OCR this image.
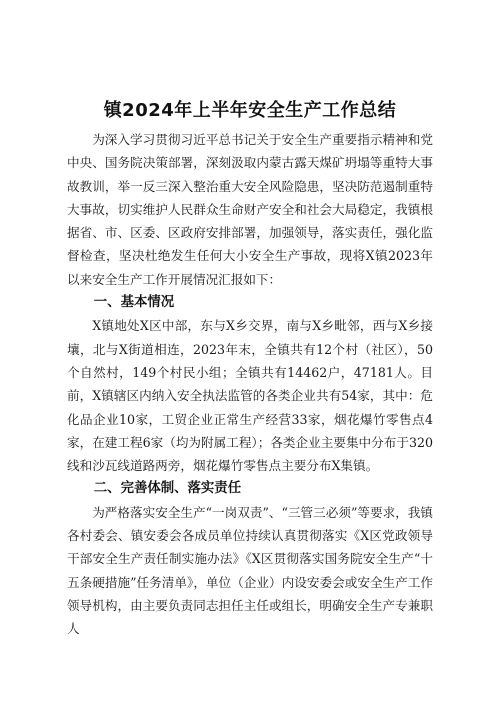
镇2024年上半年安全生产工作总结

为深入学习贯彻习近平总书记关于安全生产重要指示精神和党中央、国务院决策部署，深刻汲取内蒙古露天煤矿坍塌等重特大事故教训，举一反三深入整治重大安全风险隐患，坚决防范遏制重特大事故，切实维护人民群众生命财产安全和社会大局稳定，我镇根据省、市、区委、区政府安排部署，加强领导，落实责任，强化监督检查，坚决杜绝发生任何大小安全生产事故，现将X镇2023年以来安全生产工作开展情况汇报如下：

一、基本情况

X镇地处X区中部，东与X乡交界，南与X乡毗邻，西与X乡接壤，北与X街道相连，2023年末，全镇共有12个村（社区），50个自然村，149个村民小组；全镇共有14462户，47181人。目前，X镇辖区内纳入安全执法监管的各类企业共有54家，其中：危化品企业10家，工贸企业正常生产经营33家，烟花爆竹零售点4家，在建工程6家（均为附属工程）；各类企业主要集中分布于320线和沙瓦线道路两旁，烟花爆竹零售点主要分布X集镇。

二、完善体制、落实责任

为严格落实安全生产“一岗双责”、“三管三必须”等要求，我镇各村委会、镇安委会各成员单位持续认真贯彻落实《X区党政领导干部安全生产责任制实施办法》《X区贯彻落实国务院安全生产“十五条硬措施”任务清单》，单位（企业）内设安委会或安全生产工作领导机构，由主要负责同志担任主任或组长，明确安全生产专兼职人
